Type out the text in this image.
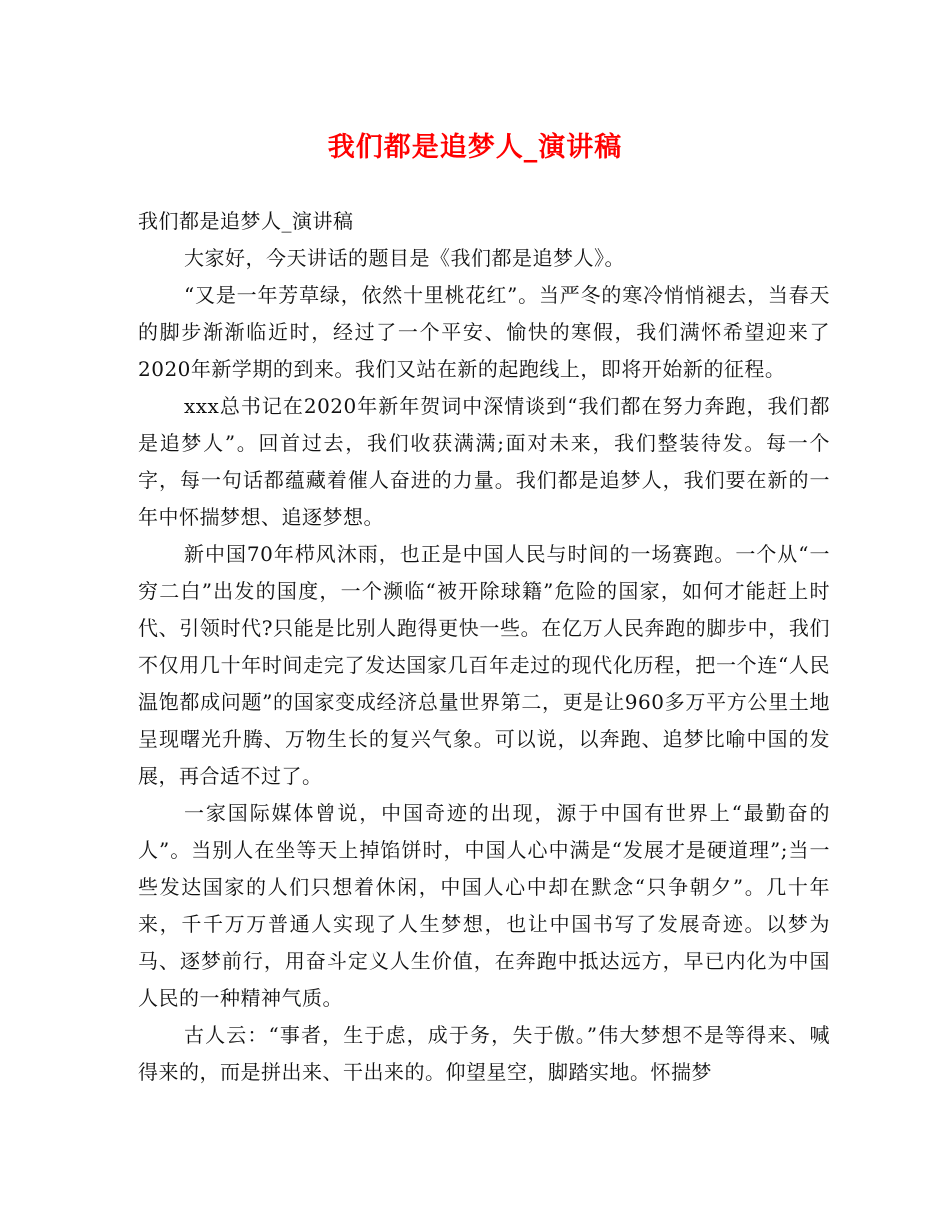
我们都是追梦人_演讲稿

我们都是追梦人_演讲稿

大家好，今天讲话的题目是《我们都是追梦人》。

“又是一年芳草绿，依然十里桃花红”。当严冬的寒冷悄悄褪去，当春天的脚步渐渐临近时，经过了一个平安、愉快的寒假，我们满怀希望迎来了2020年新学期的到来。我们又站在新的起跑线上，即将开始新的征程。

xxx总书记在2020年新年贺词中深情谈到“我们都在努力奔跑，我们都是追梦人”。回首过去，我们收获满满;面对未来，我们整装待发。每一个字，每一句话都蕴藏着催人奋进的力量。我们都是追梦人，我们要在新的一年中怀揣梦想、追逐梦想。

新中国70年栉风沐雨，也正是中国人民与时间的一场赛跑。一个从“一穷二白”出发的国度，一个濒临“被开除球籍”危险的国家，如何才能赶上时代、引领时代?只能是比别人跑得更快一些。在亿万人民奔跑的脚步中，我们不仅用几十年时间走完了发达国家几百年走过的现代化历程，把一个连“人民温饱都成问题”的国家变成经济总量世界第二，更是让960多万平方公里土地呈现曙光升腾、万物生长的复兴气象。可以说，以奔跑、追梦比喻中国的发展，再合适不过了。

一家国际媒体曾说，中国奇迹的出现，源于中国有世界上“最勤奋的人”。当别人在坐等天上掉馅饼时，中国人心中满是“发展才是硬道理”;当一些发达国家的人们只想着休闲，中国人心中却在默念“只争朝夕”。几十年来，千千万万普通人实现了人生梦想，也让中国书写了发展奇迹。以梦为马、逐梦前行，用奋斗定义人生价值，在奔跑中抵达远方，早已内化为中国人民的一种精神气质。

古人云：“事者，生于虑，成于务，失于傲。”伟大梦想不是等得来、喊得来的，而是拼出来、干出来的。仰望星空，脚踏实地。怀揣梦
